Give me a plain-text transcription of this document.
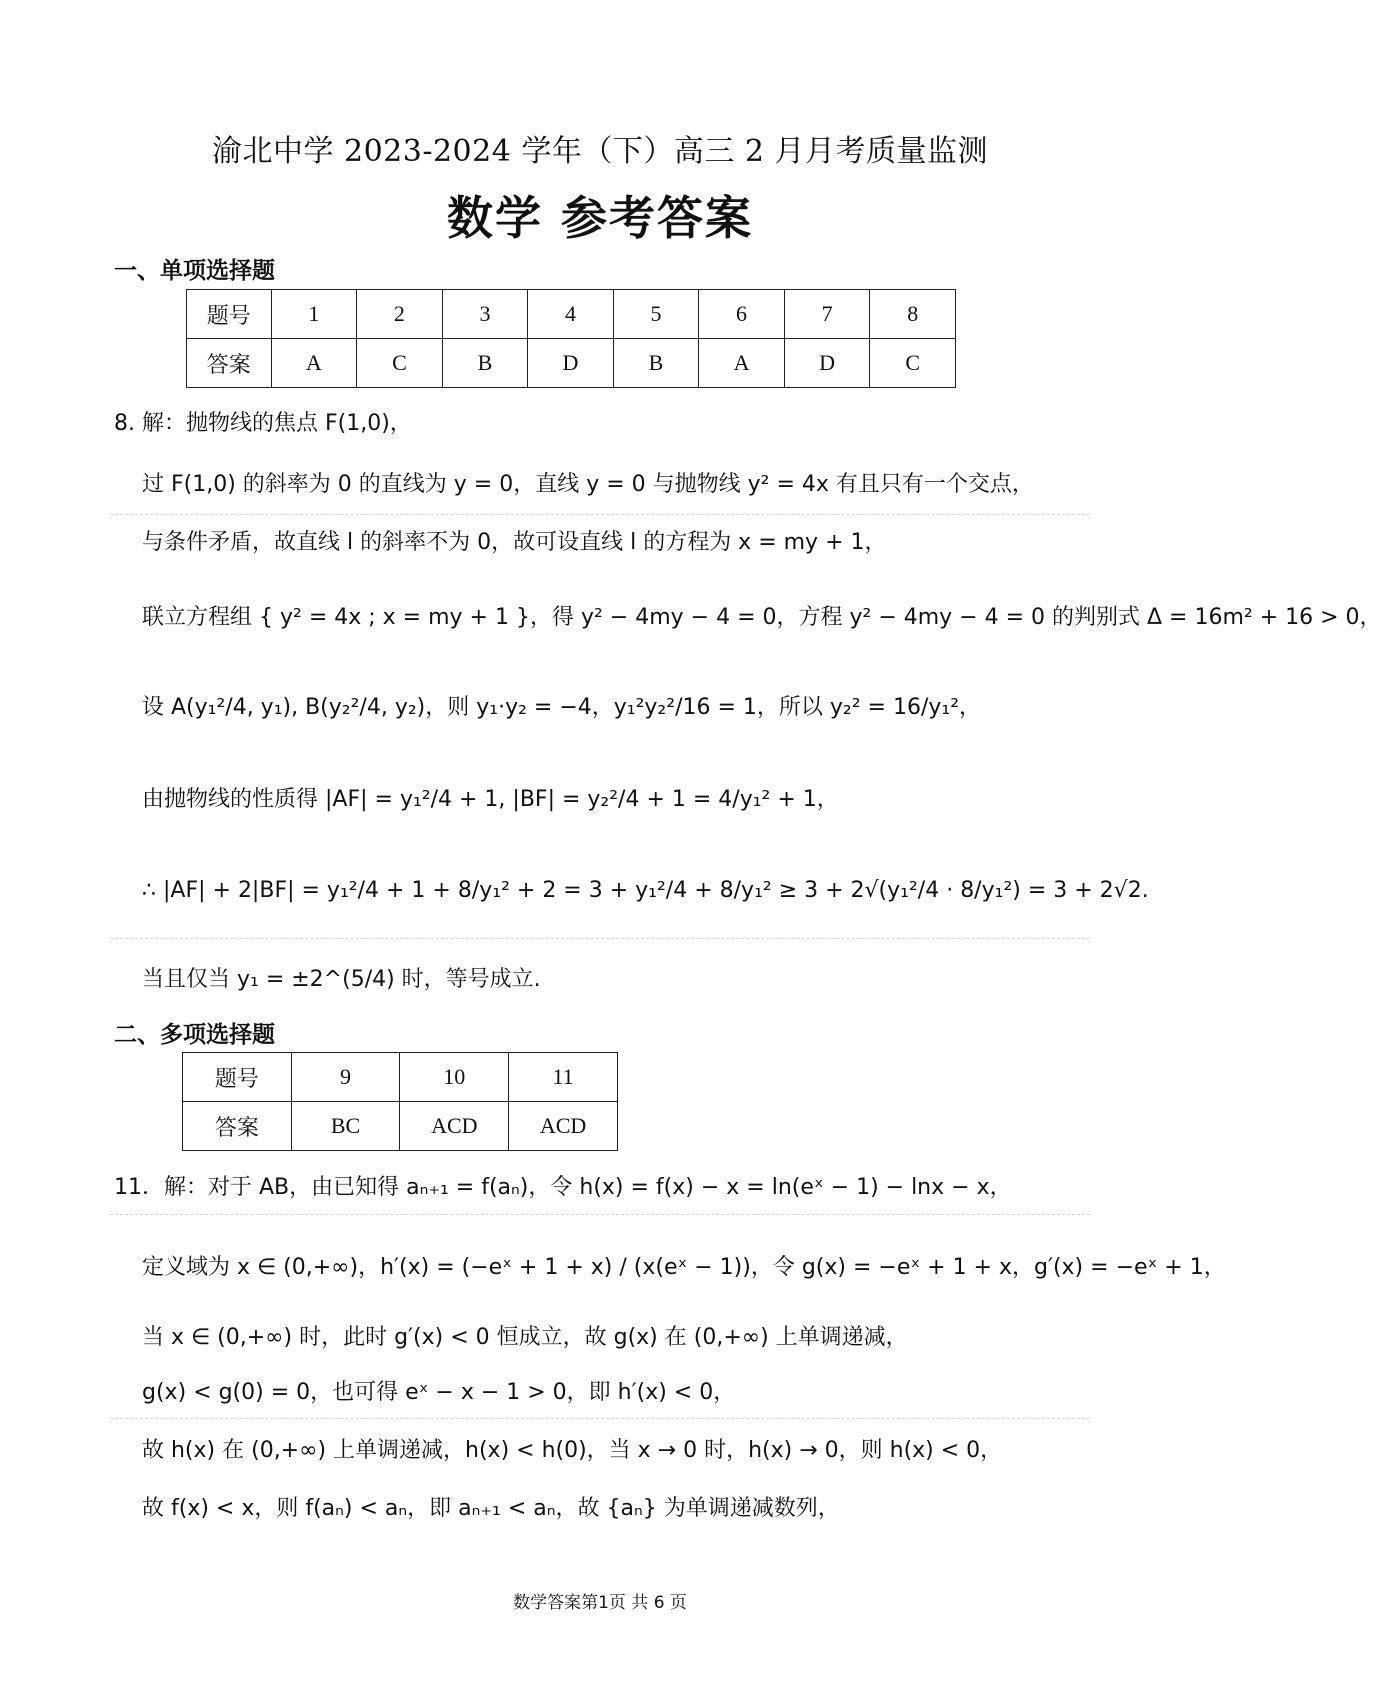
渝北中学 2023-2024 学年（下）高三 2 月月考质量监测
数学 参考答案
一、单项选择题
题号	1	2	3	4	5	6	7	8
答案	A	C	B	D	B	A	D	C
8. 解：抛物线的焦点 F(1,0)，
过 F(1,0) 的斜率为 0 的直线为 y = 0，直线 y = 0 与抛物线 y² = 4x 有且只有一个交点，
与条件矛盾，故直线 l 的斜率不为 0，故可设直线 l 的方程为 x = my + 1，
联立方程组 { y² = 4x ; x = my + 1 }，得 y² − 4my − 4 = 0，方程 y² − 4my − 4 = 0 的判别式 Δ = 16m² + 16 > 0，
设 A(y₁²/4, y₁), B(y₂²/4, y₂)，则 y₁·y₂ = −4，y₁²y₂²/16 = 1，所以 y₂² = 16/y₁²，
由抛物线的性质得 |AF| = y₁²/4 + 1, |BF| = y₂²/4 + 1 = 4/y₁² + 1，
∴ |AF| + 2|BF| = y₁²/4 + 1 + 8/y₁² + 2 = 3 + y₁²/4 + 8/y₁² ≥ 3 + 2√(y₁²/4 · 8/y₁²) = 3 + 2√2.
当且仅当 y₁ = ±2^(5/4) 时，等号成立.
二、多项选择题
题号	9	10	11
答案	BC	ACD	ACD
11．解：对于 AB，由已知得 aₙ₊₁ = f(aₙ)，令 h(x) = f(x) − x = ln(eˣ − 1) − lnx − x，
定义域为 x ∈ (0,+∞)，h′(x) = (−eˣ + 1 + x) / (x(eˣ − 1))，令 g(x) = −eˣ + 1 + x，g′(x) = −eˣ + 1，
当 x ∈ (0,+∞) 时，此时 g′(x) < 0 恒成立，故 g(x) 在 (0,+∞) 上单调递减，
g(x) < g(0) = 0，也可得 eˣ − x − 1 > 0，即 h′(x) < 0，
故 h(x) 在 (0,+∞) 上单调递减，h(x) < h(0)，当 x → 0 时，h(x) → 0，则 h(x) < 0，
故 f(x) < x，则 f(aₙ) < aₙ，即 aₙ₊₁ < aₙ，故 {aₙ} 为单调递减数列，
数学答案第1页 共 6 页
